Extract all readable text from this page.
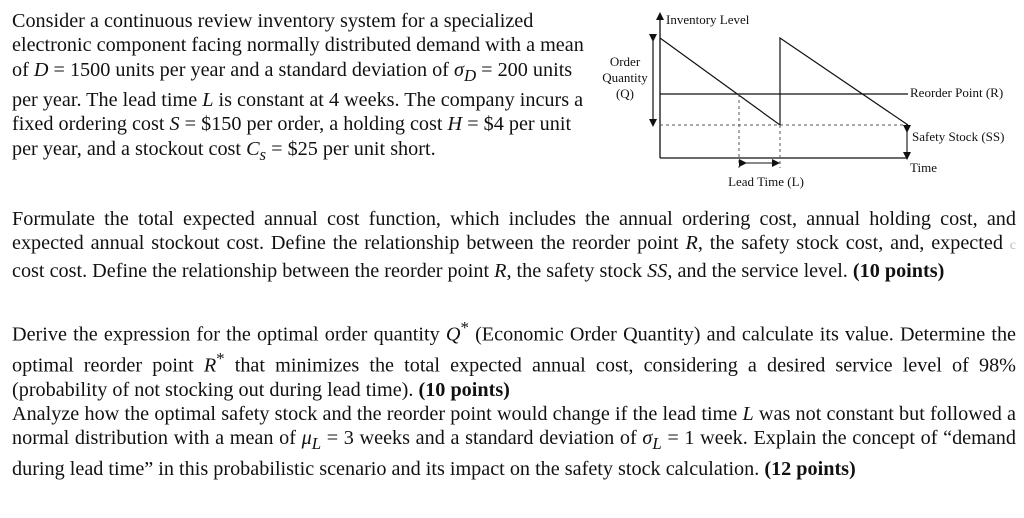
Consider a continuous review inventory system for a specialized electronic component facing normally distributed demand with a mean of D = 1500 units per year and a standard deviation of $\sigma_D = 200$ units per year. The lead time L is constant at 4 weeks. The company incurs a fixed ordering cost S = $150 per order, a holding cost H = $4 per unit per year, and a stockout cost $C_s$ = $25 per unit short.

Inventory Level
Order
Quantity
(Q)	Reorder Point (R)
Safety Stock (SS)
Lead Time (L)
Time

Formulate the total expected annual cost function, which includes the annual ordering cost, annual holding cost, and expected annual stockout cost. Define the relationship between the reorder point R, the safety stock cost, and, expected c cost cost. Define the relationship between the reorder point R, the safety stock SS, and the service level. (10 points)

Derive the expression for the optimal order quantity Q* (Economic Order Quantity) and calculate its value. Determine the optimal reorder point R* that minimizes the total expected annual cost, considering a desired service level of 98% (probability of not stocking out during lead time). (10 points)

Analyze how the optimal safety stock and the reorder point would change if the lead time L was not constant but followed a normal distribution with a mean of $\mu_L = 3$ weeks and a standard deviation of $\sigma_L = 1$ week. Explain the concept of “demand during lead time” in this probabilistic scenario and its impact on the safety stock calculation. (12 points)
